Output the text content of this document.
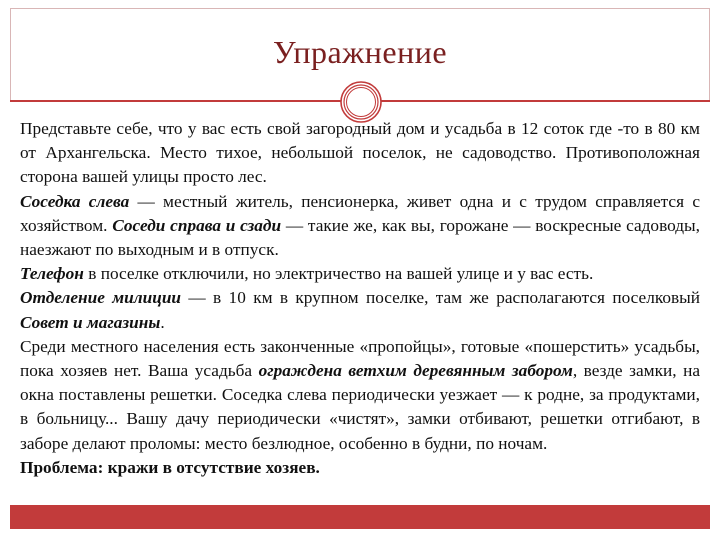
Упражнение

Представьте себе, что у вас есть свой загородный дом и усадьба в 12 соток где -то в 80 км от Архангельска. Место тихое, небольшой поселок, не садоводство. Противоположная сторона вашей улицы просто лес.

Соседка слева — местный житель, пенсионерка, живет одна и с трудом справляется с хозяйством. Соседи справа и сзади — такие же, как вы, горожане — воскресные садоводы, наезжают по выходным и в отпуск.

Телефон в поселке отключили, но электричество на вашей улице и у вас есть.

Отделение милиции — в 10 км в крупном поселке, там же располагаются поселковый Совет и магазины.

Среди местного населения есть законченные «пропойцы», готовые «пошерстить» усадьбы, пока хозяев нет. Ваша усадьба ограждена ветхим деревянным забором, везде замки, на окна поставлены решетки. Соседка слева периодически уезжает — к родне, за продуктами, в больницу... Вашу дачу периодически «чистят», замки отбивают, решетки отгибают, в заборе делают проломы: место безлюдное, особенно в будни, по ночам.

Проблема: кражи в отсутствие хозяев.
